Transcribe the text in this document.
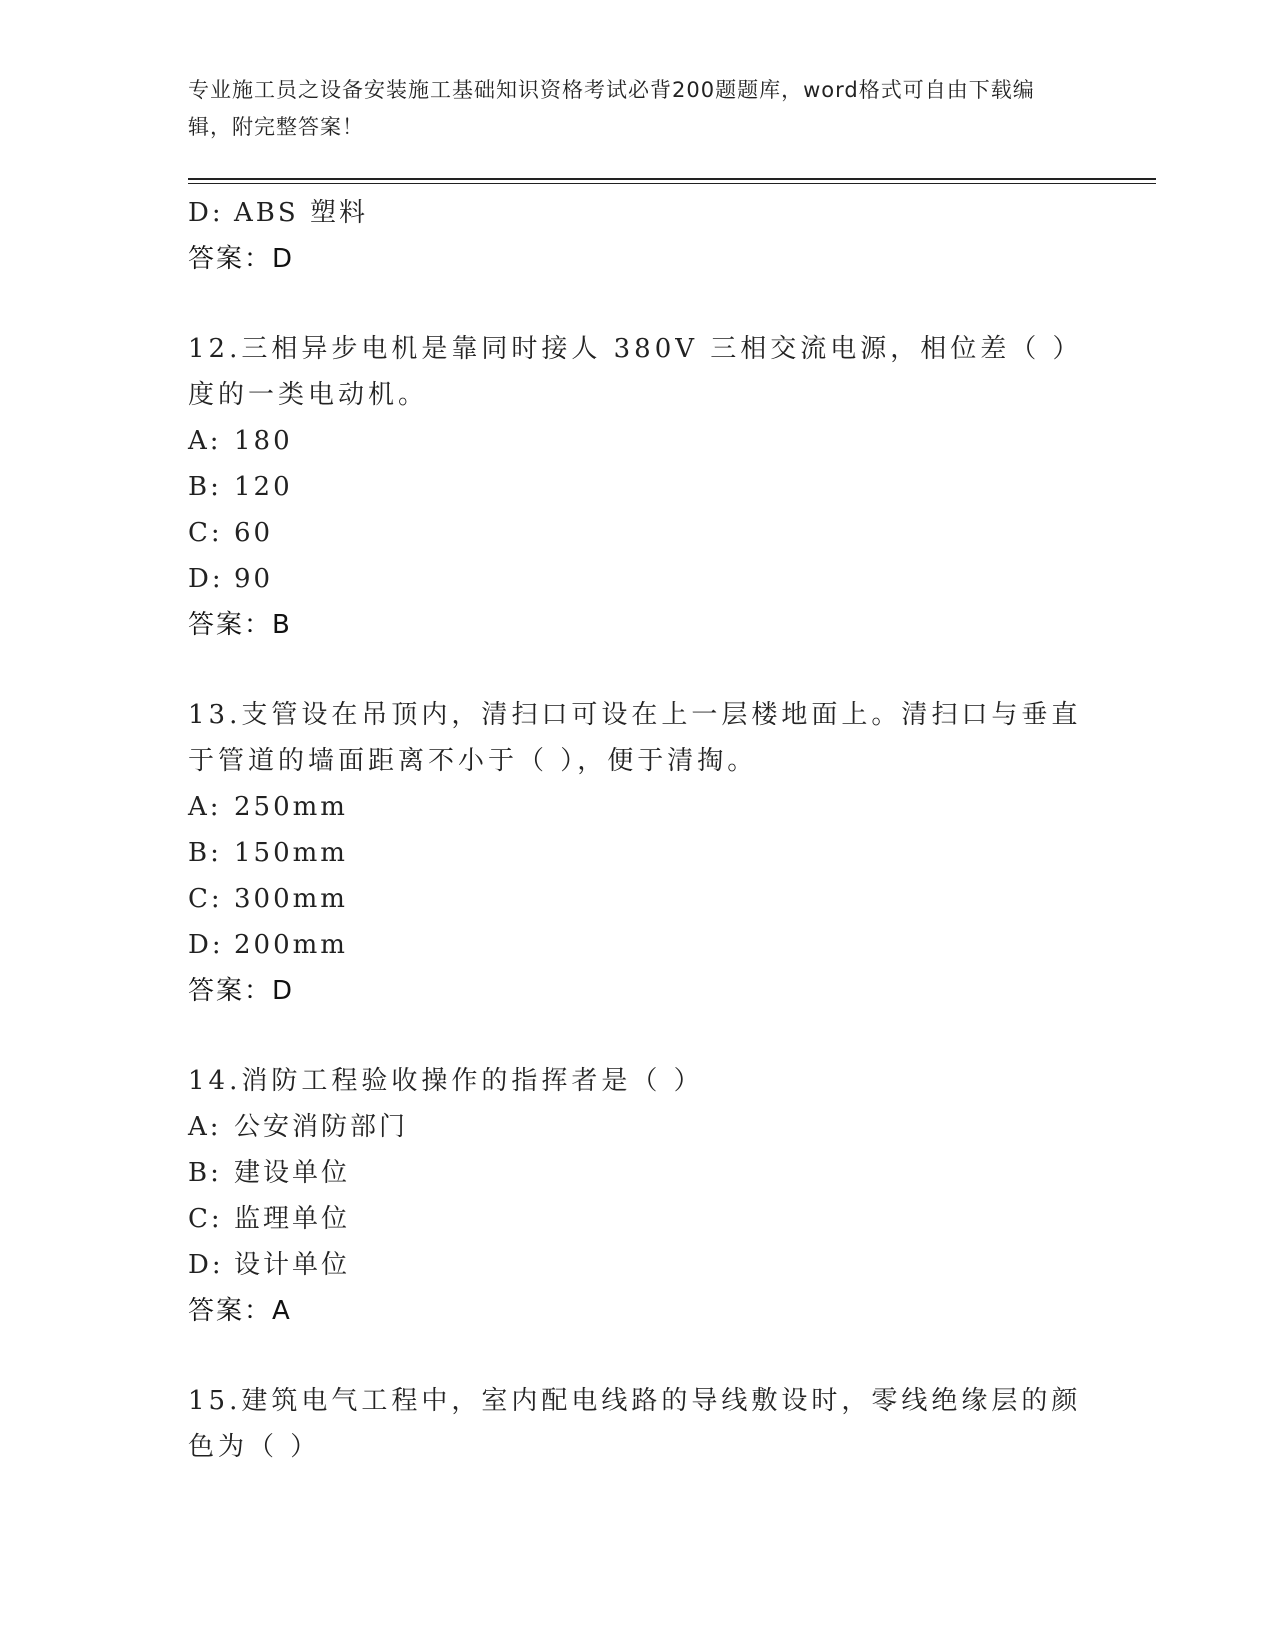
专业施工员之设备安装施工基础知识资格考试必背200题题库，word格式可自由下载编辑，附完整答案！
D: ABS 塑料
答案：D
12.三相异步电机是靠同时接人 380V 三相交流电源，相位差（ ）度的一类电动机。
A: 180
B: 120
C: 60
D: 90
答案：B
13.支管设在吊顶内，清扫口可设在上一层楼地面上。清扫口与垂直于管道的墙面距离不小于（ ），便于清掏。
A: 250mm
B: 150mm
C: 300mm
D: 200mm
答案：D
14.消防工程验收操作的指挥者是（ ）
A: 公安消防部门
B: 建设单位
C: 监理单位
D: 设计单位
答案：A
15.建筑电气工程中，室内配电线路的导线敷设时，零线绝缘层的颜色为（ ）
